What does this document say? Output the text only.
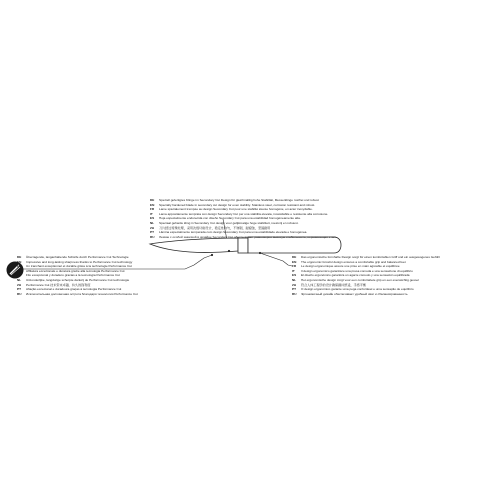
DE	Speziell gefertigtes Klinge im Secondary Cut Design für gleichmäßig hohe Stabilität, Messerklinge rostfrei und robust
EN	Specially hardened blade in secondary cut design for even stability. Stainless steel, corrosion resistant and robust.
FR	Lame spécialement trempée au design Secondary Cut pour une stabilité élevée homogène, en acier inoxydable.
IT	Lama appositamente temprata con design Secondary Cut per una stabilità elevata, inossidabile e resistente alla corrosione.
ES	Hoja especialmente endurecida con diseño Secondary Cut para una estabilidad homogéneamente alta.
NL	Speciaal geharde kling in Secondary Cut design voor gelijkmatige hoge stabiliteit, roestvrij en robuust.
ZH	刀片经过特殊处理，采用次级切削设计，稳定性均匀，不锈钢，耐腐蚀，坚固耐用
PT	Lâmina especialmente temperada com design Secondary Cut para uma estabilidade elevada e homogénea.
RU	Лезвие с особой закалкой в дизайне Secondary Cut обеспечивает равномерно высокую стабильность, нержавеющая сталь.
DE	Überragende, langanhaltende Schärfe durch Performance Cut Technologie
EN	Impressive and long-lasting sharpness thanks to Performance Cut technology
FR	Un tranchant exceptionnel et durable grâce à la technologie Performance Cut
IT	Affilatura eccezionale e duratura grazie alla tecnologia Performance Cut
ES	Filo excepcional y duradero gracias a la tecnología Performance Cut
NL	Uitzonderlijke, langdurige scherpte dankzij de Performance Cut technologie
ZH	Performance Cut 技术带来卓越、持久的锋利度
PT	Afiação excecional e duradoura graças à tecnologia Performance Cut
RU	Исключительная долговечная острота благодаря технологии Performance Cut
DE	Das ergonomische formhafte Design sorgt für einen komfortablen Griff und ein ausgewogenes Gefühl
EN	The ergonomic forceful design ensures a comfortable grip and balanced feel.
FR	Le design ergonomique assure une prise en main agréable et équilibrée
IT	Il design ergonomico garantisce una presa comoda e una sensazione di equilibrio
ES	El diseño ergonómico garantiza un agarre cómodo y una sensación equilibrada
NL	Het ergonomische design zorgt voor een comfortabele grip en een evenwichtig gevoel
ZH	符合人体工程学的设计确保握持舒适，手感平衡
PT	O design ergonómico garante uma pega confortável e uma sensação de equilíbrio
RU	Эргономичный дизайн обеспечивает удобный хват и сбалансированность
